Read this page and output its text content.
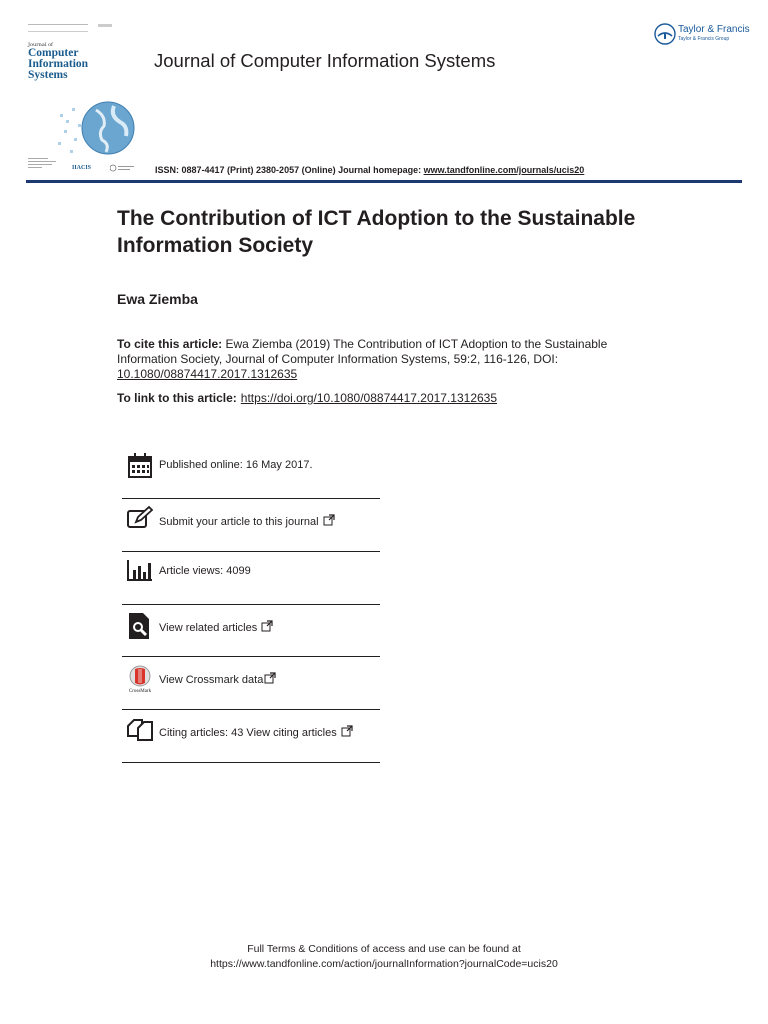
Journal of
Computer
Information
Systems
IIACIS
Journal of Computer Information Systems
Taylor & Francis
Taylor & Francis Group
ISSN: 0887-4417 (Print) 2380-2057 (Online) Journal homepage: www.tandfonline.com/journals/ucis20
The Contribution of ICT Adoption to the Sustainable Information Society
Ewa Ziemba
To cite this article: Ewa Ziemba (2019) The Contribution of ICT Adoption to the Sustainable Information Society, Journal of Computer Information Systems, 59:2, 116-126, DOI: 10.1080/08874417.2017.1312635
To link to this article: https://doi.org/10.1080/08874417.2017.1312635
Published online: 16 May 2017.
Submit your article to this journal
Article views: 4099
View related articles
CrossMark
View Crossmark data
Citing articles: 43 View citing articles
Full Terms & Conditions of access and use can be found at
https://www.tandfonline.com/action/journalInformation?journalCode=ucis20
